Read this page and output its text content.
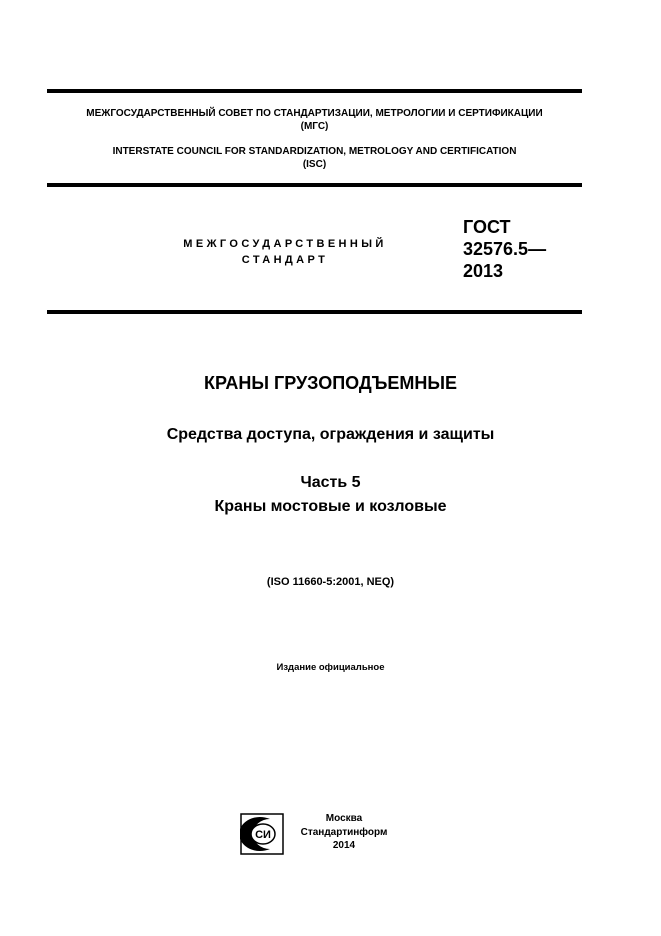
МЕЖГОСУДАРСТВЕННЫЙ СОВЕТ ПО СТАНДАРТИЗАЦИИ, МЕТРОЛОГИИ И СЕРТИФИКАЦИИ
(МГС)
INTERSTATE COUNCIL FOR STANDARDIZATION, METROLOGY AND CERTIFICATION
(ISC)
МЕЖГОСУДАРСТВЕННЫЙ
СТАНДАРТ
ГОСТ
32576.5—
2013
КРАНЫ ГРУЗОПОДЪЕМНЫЕ
Средства доступа, ограждения и защиты
Часть 5
Краны мостовые и козловые
(ISO 11660-5:2001, NEQ)
Издание официальное
СИ
Москва
Стандартинформ
2014
